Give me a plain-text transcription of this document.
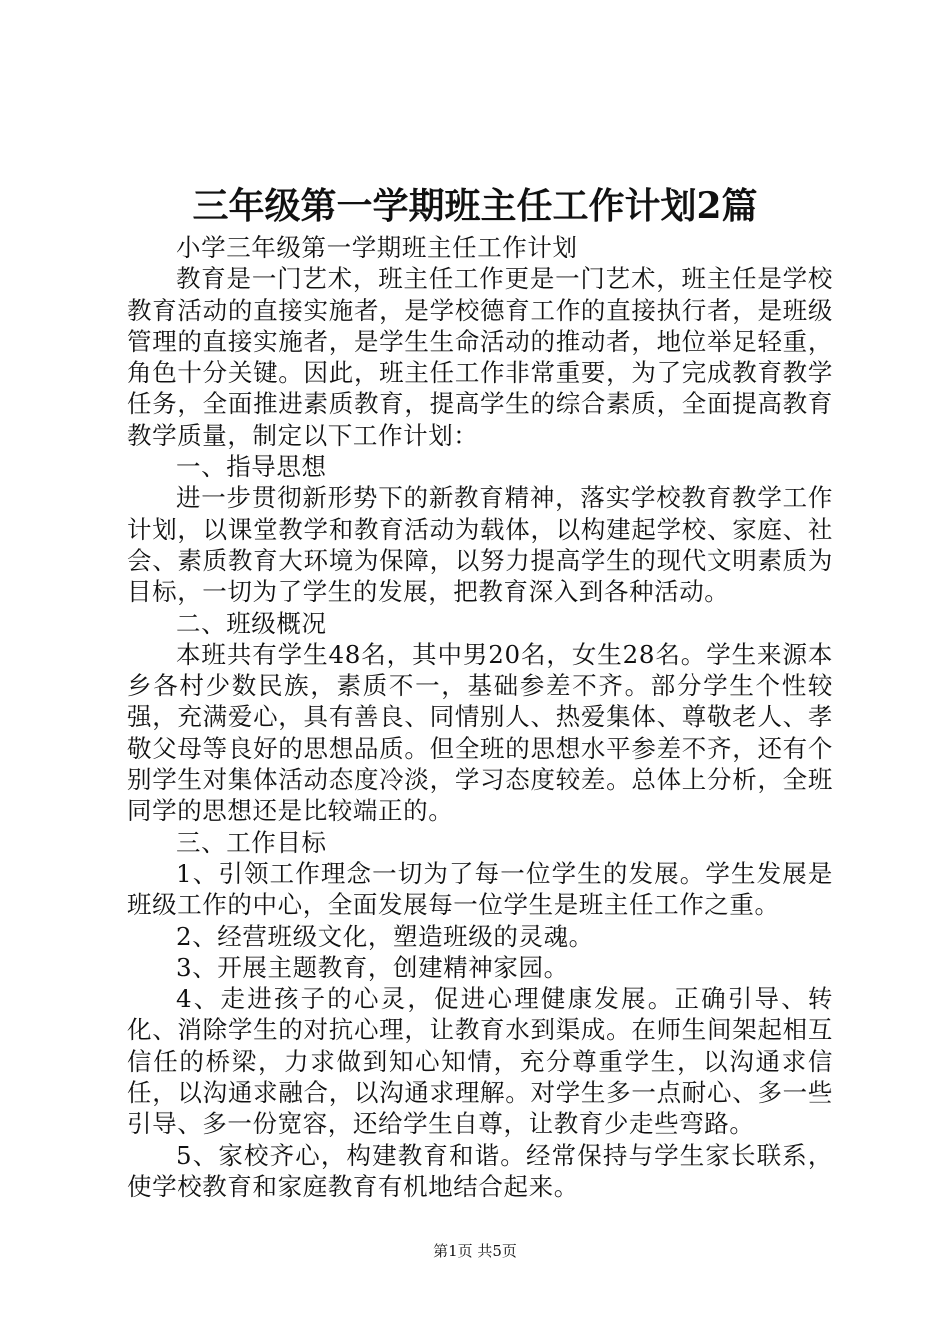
三年级第一学期班主任工作计划2篇

小学三年级第一学期班主任工作计划

教育是一门艺术，班主任工作更是一门艺术，班主任是学校教育活动的直接实施者，是学校德育工作的直接执行者，是班级管理的直接实施者，是学生生命活动的推动者，地位举足轻重，角色十分关键。因此，班主任工作非常重要，为了完成教育教学任务，全面推进素质教育，提高学生的综合素质，全面提高教育教学质量，制定以下工作计划：

一、指导思想

进一步贯彻新形势下的新教育精神，落实学校教育教学工作计划，以课堂教学和教育活动为载体，以构建起学校、家庭、社会、素质教育大环境为保障，以努力提高学生的现代文明素质为目标，一切为了学生的发展，把教育深入到各种活动。

二、班级概况

本班共有学生48名，其中男20名，女生28名。学生来源本乡各村少数民族，素质不一，基础参差不齐。部分学生个性较强，充满爱心，具有善良、同情别人、热爱集体、尊敬老人、孝敬父母等良好的思想品质。但全班的思想水平参差不齐，还有个别学生对集体活动态度冷淡，学习态度较差。总体上分析，全班同学的思想还是比较端正的。

三、工作目标

1、引领工作理念一切为了每一位学生的发展。学生发展是班级工作的中心，全面发展每一位学生是班主任工作之重。

2、经营班级文化，塑造班级的灵魂。

3、开展主题教育，创建精神家园。

4、走进孩子的心灵，促进心理健康发展。正确引导、转化、消除学生的对抗心理，让教育水到渠成。在师生间架起相互信任的桥梁，力求做到知心知情，充分尊重学生，以沟通求信任，以沟通求融合，以沟通求理解。对学生多一点耐心、多一些引导、多一份宽容，还给学生自尊，让教育少走些弯路。

5、家校齐心，构建教育和谐。经常保持与学生家长联系，使学校教育和家庭教育有机地结合起来。

第1页 共5页
